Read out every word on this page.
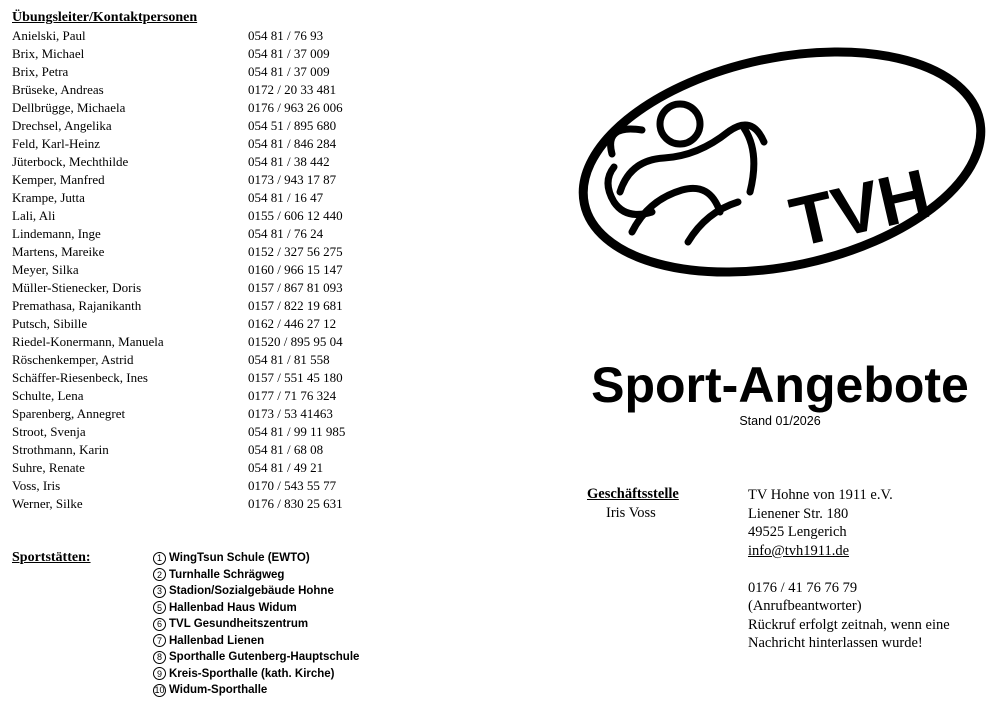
Übungsleiter/Kontaktpersonen
Anielski, Paul	054 81 / 76 93
Brix, Michael	054 81 / 37 009
Brix, Petra	054 81 / 37 009
Brüseke, Andreas	0172 / 20 33 481
Dellbrügge, Michaela	0176 / 963 26 006
Drechsel, Angelika	054 51 / 895 680
Feld, Karl-Heinz	054 81 / 846 284
Jüterbock, Mechthilde	054 81 / 38 442
Kemper, Manfred	0173 / 943 17 87
Krampe, Jutta	054 81 / 16 47
Lali, Ali	0155 / 606 12 440
Lindemann, Inge	054 81 / 76 24
Martens, Mareike	0152 / 327 56 275
Meyer, Silka	0160 / 966 15 147
Müller-Stienecker, Doris	0157 / 867 81 093
Premathasa, Rajanikanth	0157 / 822 19 681
Putsch, Sibille	0162 / 446 27 12
Riedel-Konermann, Manuela	01520 / 895 95 04
Röschenkemper, Astrid	054 81 / 81 558
Schäffer-Riesenbeck, Ines	0157 / 551 45 180
Schulte, Lena	0177 / 71 76 324
Sparenberg, Annegret	0173 / 53 41463
Stroot, Svenja	054 81 / 99 11 985
Strothmann, Karin	054 81 / 68 08
Suhre, Renate	054 81 / 49 21
Voss, Iris	0170 / 543 55 77
Werner, Silke	0176 / 830 25 631
Sportstätten:	1 WingTsun Schule (EWTO)
2 Turnhalle Schrägweg
3 Stadion/Sozialgebäude Hohne
5 Hallenbad Haus Widum
6 TVL Gesundheitszentrum
7 Hallenbad Lienen
8 Sporthalle Gutenberg-Hauptschule
9 Kreis-Sporthalle (kath. Kirche)
10 Widum-Sporthalle
TVH
Sport-Angebote
Stand 01/2026
Geschäftsstelle
Iris Voss
TV Hohne von 1911 e.V.
Lienener Str. 180
49525 Lengerich
info@tvh1911.de
0176 / 41 76 76 79
(Anrufbeantworter)
Rückruf erfolgt zeitnah, wenn eine
Nachricht hinterlassen wurde!
